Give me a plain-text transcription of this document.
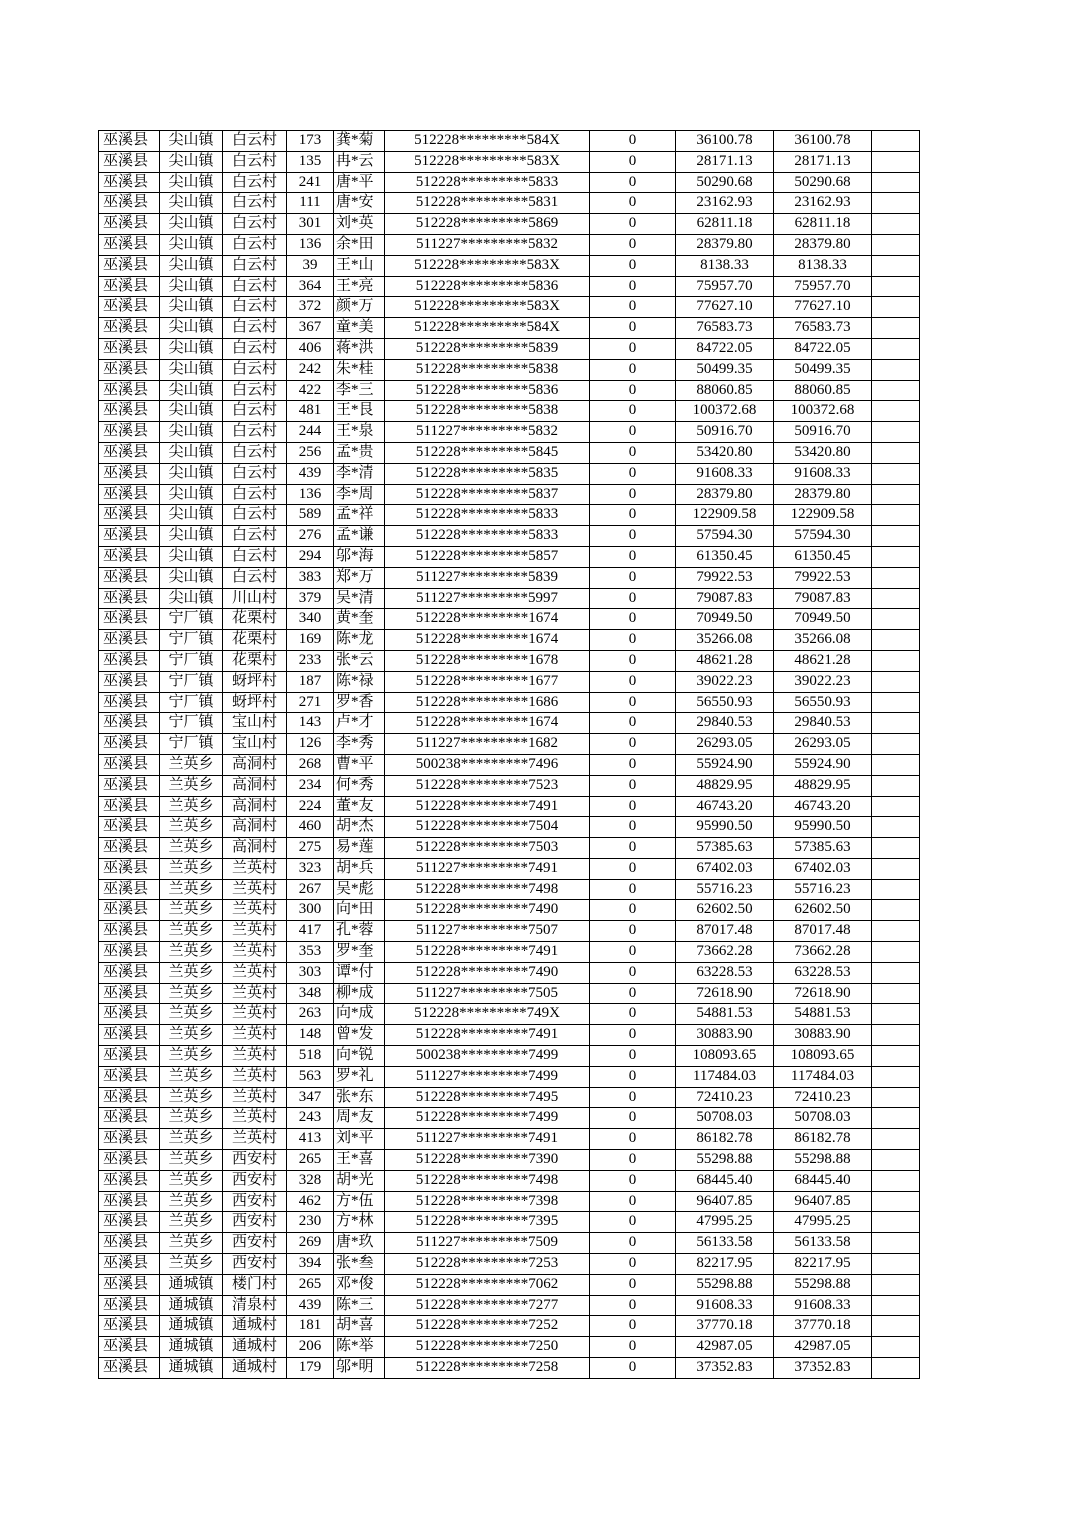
巫溪县	尖山镇	白云村	173	龚*菊	512228*********584X	0	36100.78	36100.78	
巫溪县	尖山镇	白云村	135	冉*云	512228*********583X	0	28171.13	28171.13	
巫溪县	尖山镇	白云村	241	唐*平	512228*********5833	0	50290.68	50290.68	
巫溪县	尖山镇	白云村	111	唐*安	512228*********5831	0	23162.93	23162.93	
巫溪县	尖山镇	白云村	301	刘*英	512228*********5869	0	62811.18	62811.18	
巫溪县	尖山镇	白云村	136	余*田	511227*********5832	0	28379.80	28379.80	
巫溪县	尖山镇	白云村	39	王*山	512228*********583X	0	8138.33	8138.33	
巫溪县	尖山镇	白云村	364	王*亮	512228*********5836	0	75957.70	75957.70	
巫溪县	尖山镇	白云村	372	颜*万	512228*********583X	0	77627.10	77627.10	
巫溪县	尖山镇	白云村	367	童*美	512228*********584X	0	76583.73	76583.73	
巫溪县	尖山镇	白云村	406	蒋*洪	512228*********5839	0	84722.05	84722.05	
巫溪县	尖山镇	白云村	242	朱*桂	512228*********5838	0	50499.35	50499.35	
巫溪县	尖山镇	白云村	422	李*三	512228*********5836	0	88060.85	88060.85	
巫溪县	尖山镇	白云村	481	王*艮	512228*********5838	0	100372.68	100372.68	
巫溪县	尖山镇	白云村	244	王*泉	511227*********5832	0	50916.70	50916.70	
巫溪县	尖山镇	白云村	256	孟*贵	512228*********5845	0	53420.80	53420.80	
巫溪县	尖山镇	白云村	439	李*清	512228*********5835	0	91608.33	91608.33	
巫溪县	尖山镇	白云村	136	李*周	512228*********5837	0	28379.80	28379.80	
巫溪县	尖山镇	白云村	589	孟*祥	512228*********5833	0	122909.58	122909.58	
巫溪县	尖山镇	白云村	276	孟*谦	512228*********5833	0	57594.30	57594.30	
巫溪县	尖山镇	白云村	294	邬*海	512228*********5857	0	61350.45	61350.45	
巫溪县	尖山镇	白云村	383	郑*万	511227*********5839	0	79922.53	79922.53	
巫溪县	尖山镇	川山村	379	吴*清	511227*********5997	0	79087.83	79087.83	
巫溪县	宁厂镇	花栗村	340	黄*奎	512228*********1674	0	70949.50	70949.50	
巫溪县	宁厂镇	花栗村	169	陈*龙	512228*********1674	0	35266.08	35266.08	
巫溪县	宁厂镇	花栗村	233	张*云	512228*********1678	0	48621.28	48621.28	
巫溪县	宁厂镇	蚜坪村	187	陈*禄	512228*********1677	0	39022.23	39022.23	
巫溪县	宁厂镇	蚜坪村	271	罗*香	512228*********1686	0	56550.93	56550.93	
巫溪县	宁厂镇	宝山村	143	卢*才	512228*********1674	0	29840.53	29840.53	
巫溪县	宁厂镇	宝山村	126	李*秀	511227*********1682	0	26293.05	26293.05	
巫溪县	兰英乡	高洞村	268	曹*平	500238*********7496	0	55924.90	55924.90	
巫溪县	兰英乡	高洞村	234	何*秀	512228*********7523	0	48829.95	48829.95	
巫溪县	兰英乡	高洞村	224	董*友	512228*********7491	0	46743.20	46743.20	
巫溪县	兰英乡	高洞村	460	胡*杰	512228*********7504	0	95990.50	95990.50	
巫溪县	兰英乡	高洞村	275	易*莲	512228*********7503	0	57385.63	57385.63	
巫溪县	兰英乡	兰英村	323	胡*兵	511227*********7491	0	67402.03	67402.03	
巫溪县	兰英乡	兰英村	267	吴*彪	512228*********7498	0	55716.23	55716.23	
巫溪县	兰英乡	兰英村	300	向*田	512228*********7490	0	62602.50	62602.50	
巫溪县	兰英乡	兰英村	417	孔*蓉	511227*********7507	0	87017.48	87017.48	
巫溪县	兰英乡	兰英村	353	罗*奎	512228*********7491	0	73662.28	73662.28	
巫溪县	兰英乡	兰英村	303	谭*付	512228*********7490	0	63228.53	63228.53	
巫溪县	兰英乡	兰英村	348	柳*成	511227*********7505	0	72618.90	72618.90	
巫溪县	兰英乡	兰英村	263	向*成	512228*********749X	0	54881.53	54881.53	
巫溪县	兰英乡	兰英村	148	曾*发	512228*********7491	0	30883.90	30883.90	
巫溪县	兰英乡	兰英村	518	向*锐	500238*********7499	0	108093.65	108093.65	
巫溪县	兰英乡	兰英村	563	罗*礼	511227*********7499	0	117484.03	117484.03	
巫溪县	兰英乡	兰英村	347	张*东	512228*********7495	0	72410.23	72410.23	
巫溪县	兰英乡	兰英村	243	周*友	512228*********7499	0	50708.03	50708.03	
巫溪县	兰英乡	兰英村	413	刘*平	511227*********7491	0	86182.78	86182.78	
巫溪县	兰英乡	西安村	265	王*喜	512228*********7390	0	55298.88	55298.88	
巫溪县	兰英乡	西安村	328	胡*光	512228*********7498	0	68445.40	68445.40	
巫溪县	兰英乡	西安村	462	方*伍	512228*********7398	0	96407.85	96407.85	
巫溪县	兰英乡	西安村	230	方*林	512228*********7395	0	47995.25	47995.25	
巫溪县	兰英乡	西安村	269	唐*玖	511227*********7509	0	56133.58	56133.58	
巫溪县	兰英乡	西安村	394	张*叁	512228*********7253	0	82217.95	82217.95	
巫溪县	通城镇	楼门村	265	邓*俊	512228*********7062	0	55298.88	55298.88	
巫溪县	通城镇	清泉村	439	陈*三	512228*********7277	0	91608.33	91608.33	
巫溪县	通城镇	通城村	181	胡*喜	512228*********7252	0	37770.18	37770.18	
巫溪县	通城镇	通城村	206	陈*举	512228*********7250	0	42987.05	42987.05	
巫溪县	通城镇	通城村	179	邬*明	512228*********7258	0	37352.83	37352.83	
